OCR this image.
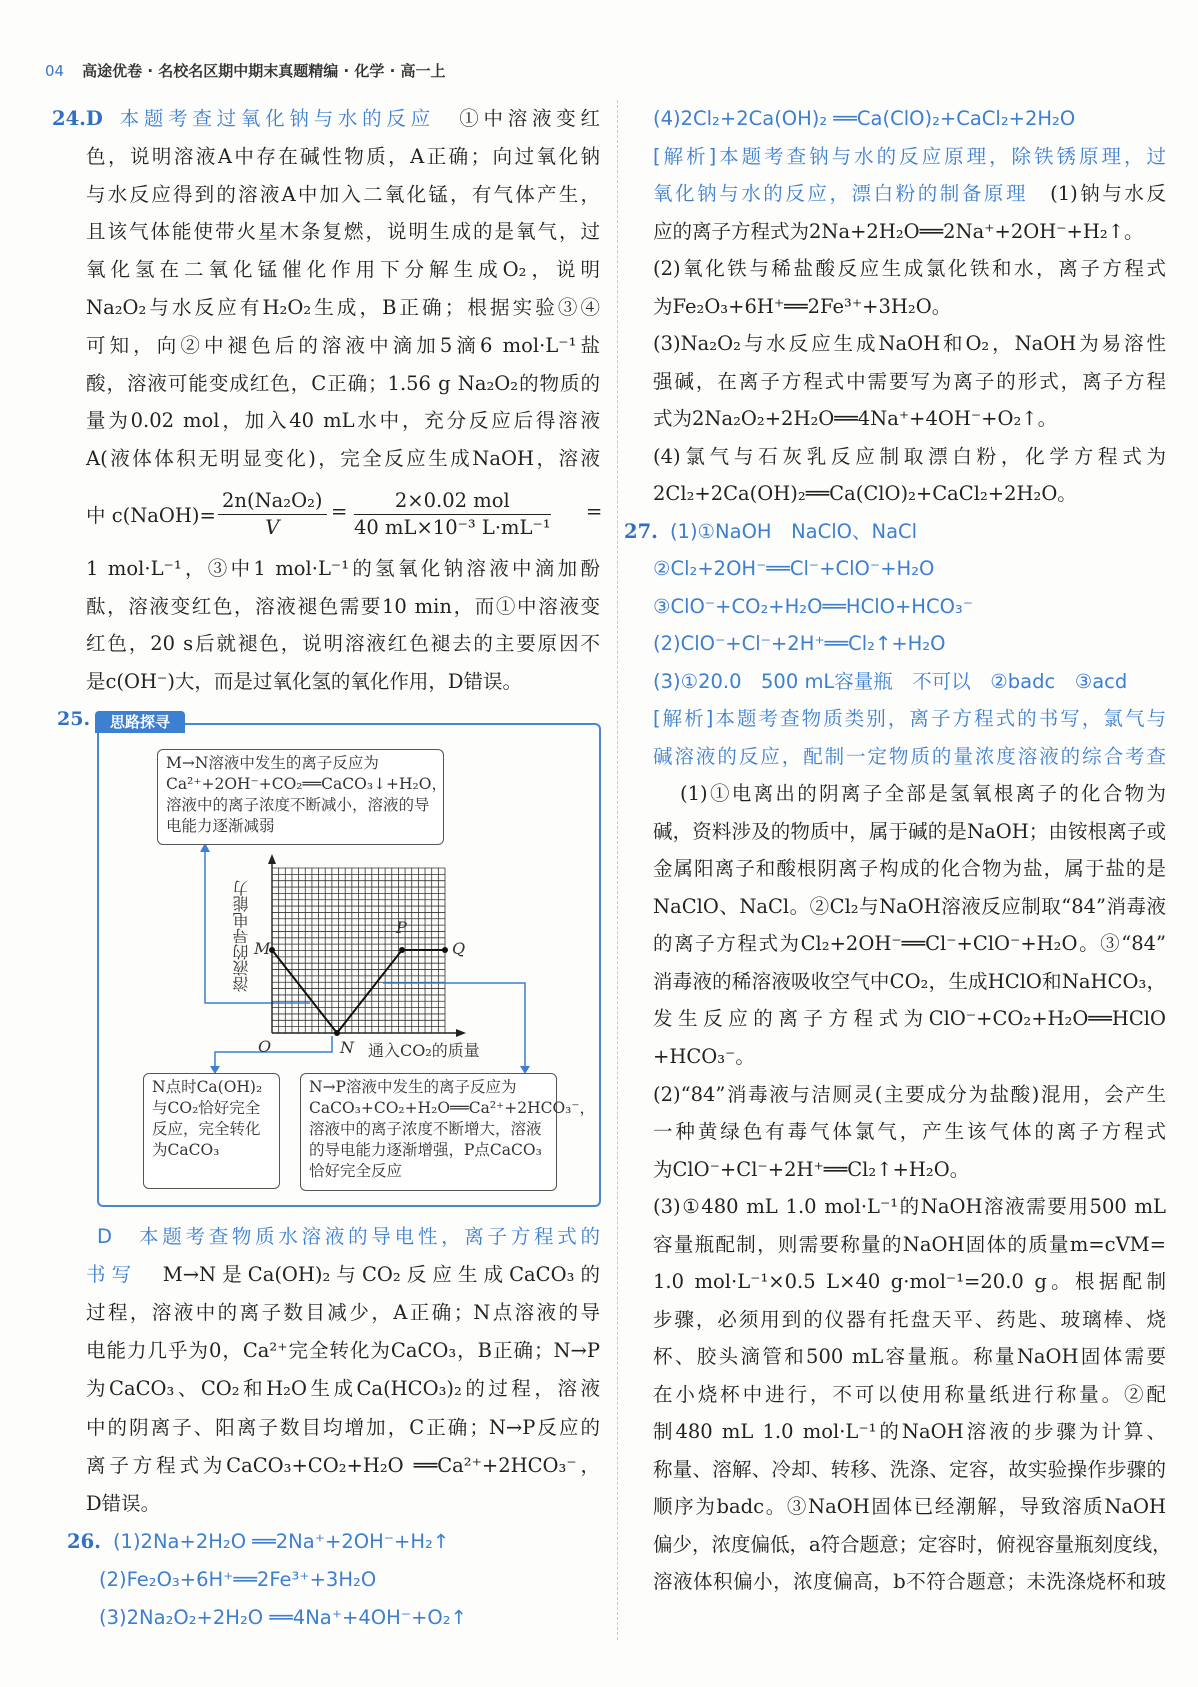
04 高途优卷 · 名校名区期中期末真题精编 · 化学 · 高一上
24.D 本题考查过氧化钠与水的反应　①中溶液变红
色，说明溶液A中存在碱性物质，A正确；向过氧化钠
与水反应得到的溶液A中加入二氧化锰，有气体产生，
且该气体能使带火星木条复燃，说明生成的是氧气，过
氧化氢在二氧化锰催化作用下分解生成O₂，说明
Na₂O₂与水反应有H₂O₂生成，B正确；根据实验③④
可知，向②中褪色后的溶液中滴加5滴6 mol·L⁻¹盐
酸，溶液可能变成红色，C正确；1.56 g Na₂O₂的物质的
量为0.02 mol，加入40 mL水中，充分反应后得溶液
A(液体体积无明显变化)，完全反应生成NaOH，溶液
1 mol·L⁻¹，③中1 mol·L⁻¹的氢氧化钠溶液中滴加酚
酞，溶液变红色，溶液褪色需要10 min，而①中溶液变
红色，20 s后就褪色，说明溶液红色褪去的主要原因不
是c(OH⁻)大，而是过氧化氢的氧化作用，D错误。
D　本题考查物质水溶液的导电性，离子方程式的
书写　M→N是Ca(OH)₂与CO₂反应生成CaCO₃的
过程，溶液中的离子数目减少，A正确；N点溶液的导
电能力几乎为0，Ca²⁺完全转化为CaCO₃，B正确；N→P
为CaCO₃、CO₂和H₂O生成Ca(HCO₃)₂的过程，溶液
中的阴离子、阳离子数目均增加，C正确；N→P反应的
离子方程式为CaCO₃+CO₂+H₂O ══Ca²⁺+2HCO₃⁻，
D错误。
26. (1)2Na+2H₂O ══2Na⁺+2OH⁻+H₂↑
(2)Fe₂O₃+6H⁺══2Fe³⁺+3H₂O
(3)2Na₂O₂+2H₂O ══4Na⁺+4OH⁻+O₂↑
(4)2Cl₂+2Ca(OH)₂ ══Ca(ClO)₂+CaCl₂+2H₂O
[解析]本题考查钠与水的反应原理，除铁锈原理，过
氧化钠与水的反应，漂白粉的制备原理　(1)钠与水反
应的离子方程式为2Na+2H₂O══2Na⁺+2OH⁻+H₂↑。
(2)氧化铁与稀盐酸反应生成氯化铁和水，离子方程式
为Fe₂O₃+6H⁺══2Fe³⁺+3H₂O。
(3)Na₂O₂与水反应生成NaOH和O₂，NaOH为易溶性
强碱，在离子方程式中需要写为离子的形式，离子方程
式为2Na₂O₂+2H₂O══4Na⁺+4OH⁻+O₂↑。
(4)氯气与石灰乳反应制取漂白粉，化学方程式为
2Cl₂+2Ca(OH)₂══Ca(ClO)₂+CaCl₂+2H₂O。
27. (1)①NaOH　NaClO、NaCl
②Cl₂+2OH⁻══Cl⁻+ClO⁻+H₂O
③ClO⁻+CO₂+H₂O══HClO+HCO₃⁻
(2)ClO⁻+Cl⁻+2H⁺══Cl₂↑+H₂O
(3)①20.0　500 mL容量瓶　不可以　②badc　③acd
[解析]本题考查物质类别，离子方程式的书写，氯气与
碱溶液的反应，配制一定物质的量浓度溶液的综合考查
(1)①电离出的阴离子全部是氢氧根离子的化合物为
碱，资料涉及的物质中，属于碱的是NaOH；由铵根离子或
金属阳离子和酸根阴离子构成的化合物为盐，属于盐的是
NaClO、NaCl。②Cl₂与NaOH溶液反应制取“84”消毒液
的离子方程式为Cl₂+2OH⁻══Cl⁻+ClO⁻+H₂O。③“84”
消毒液的稀溶液吸收空气中CO₂，生成HClO和NaHCO₃，
发生反应的离子方程式为ClO⁻+CO₂+H₂O══HClO
+HCO₃⁻。
(2)“84”消毒液与洁厕灵(主要成分为盐酸)混用，会产生
一种黄绿色有毒气体氯气，产生该气体的离子方程式
为ClO⁻+Cl⁻+2H⁺══Cl₂↑+H₂O。
(3)①480 mL 1.0 mol·L⁻¹的NaOH溶液需要用500 mL
容量瓶配制，则需要称量的NaOH固体的质量m=cVM=
1.0 mol·L⁻¹×0.5 L×40 g·mol⁻¹=20.0 g。根据配制
步骤，必须用到的仪器有托盘天平、药匙、玻璃棒、烧
杯、胶头滴管和500 mL容量瓶。称量NaOH固体需要
在小烧杯中进行，不可以使用称量纸进行称量。②配
制480 mL 1.0 mol·L⁻¹的NaOH溶液的步骤为计算、
称量、溶解、冷却、转移、洗涤、定容，故实验操作步骤的
顺序为badc。③NaOH固体已经潮解，导致溶质NaOH
偏少，浓度偏低，a符合题意；定容时，俯视容量瓶刻度线，
溶液体积偏小，浓度偏高，b不符合题意；未洗涤烧杯和玻
中 c(NaOH)= $\frac{\text{2n(Na₂O₂)}}{V}$ =	2×0.02 mol
40 mL×10⁻³ L·mL⁻¹
=
25.	思路探寻
M→N溶液中发生的离子反应为Ca²⁺+2OH⁻+CO₂══CaCO₃↓+H₂O，溶液中的离子浓度不断减小，溶液的导电能力逐渐减弱
N点时Ca(OH)₂与CO₂恰好完全反应，完全转化为CaCO₃
N→P溶液中发生的离子反应为CaCO₃+CO₂+H₂O══Ca²⁺+2HCO₃⁻，溶液中的离子浓度不断增大，溶液的导电能力逐渐增强，P点CaCO₃恰好完全反应
溶液的导电能力 M
P
Q
O	N 通入CO₂的质量
